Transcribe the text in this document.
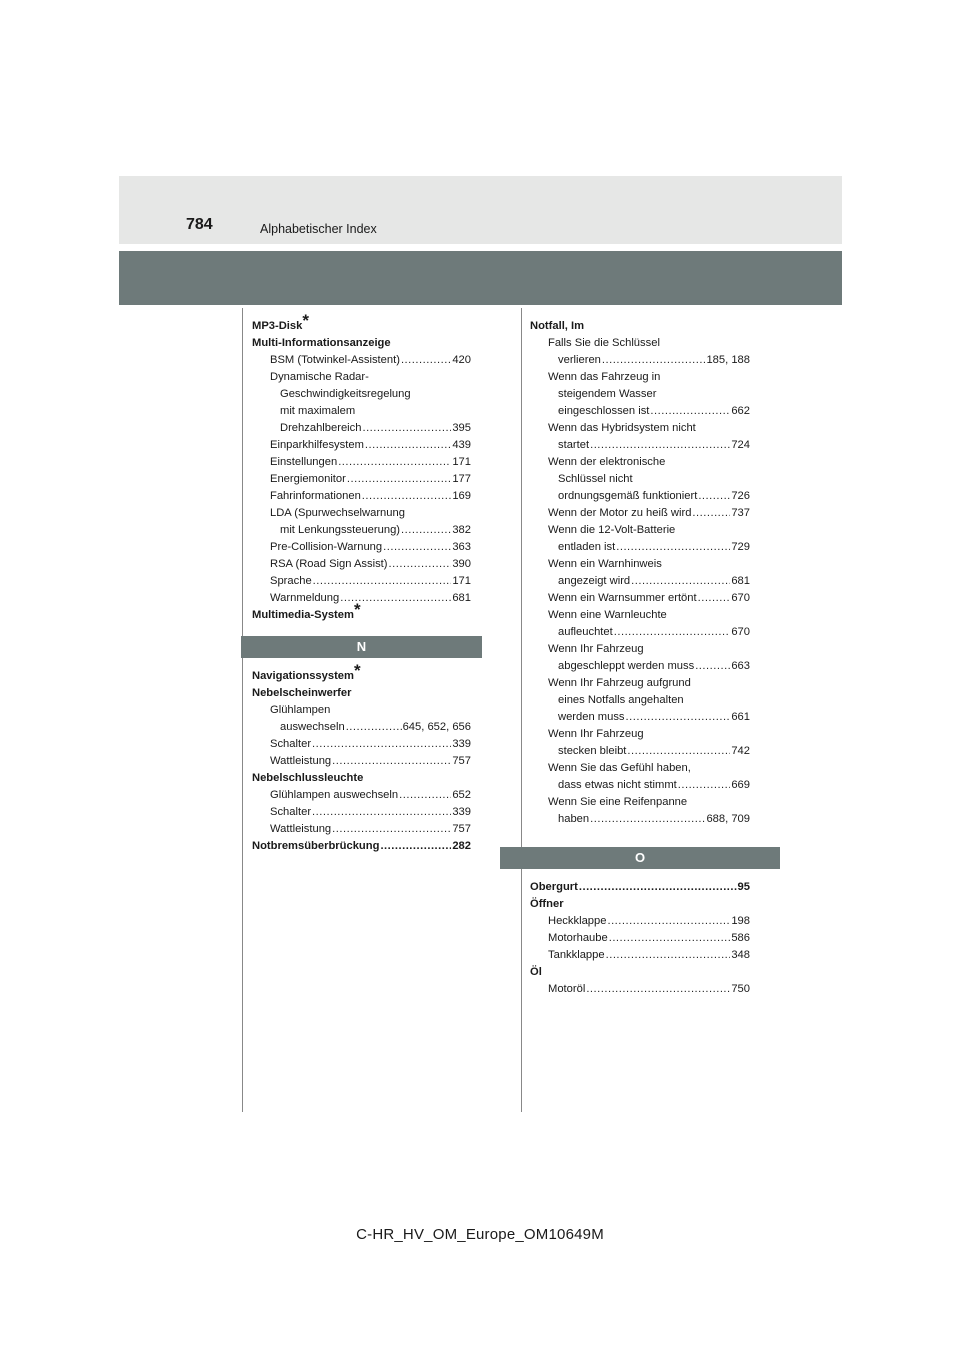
784	Alphabetischer Index
MP3-Disk*
Multi-Informationsanzeige
BSM (Totwinkel-Assistent) .....	420
Dynamische Radar-
Geschwindigkeitsregelung
mit maximalem
Drehzahlbereich .....	395
Einparkhilfesystem .....	439
Einstellungen .....	171
Energiemonitor .....	177
Fahrinformationen .....	169
LDA (Spurwechselwarnung
mit Lenkungssteuerung) .....	382
Pre-Collision-Warnung .....	363
RSA (Road Sign Assist) .....	390
Sprache .....	171
Warnmeldung .....	681
Multimedia-System*
N
Navigationssystem*
Nebelscheinwerfer
Glühlampen
auswechseln .....	645, 652, 656
Schalter .....	339
Wattleistung .....	757
Nebelschlussleuchte
Glühlampen auswechseln .....	652
Schalter .....	339
Wattleistung .....	757
Notbremsüberbrückung .....	282
Notfall, Im
Falls Sie die Schlüssel
verlieren .....	185, 188
Wenn das Fahrzeug in
steigendem Wasser
eingeschlossen ist .....	662
Wenn das Hybridsystem nicht
startet .....	724
Wenn der elektronische
Schlüssel nicht
ordnungsgemäß funktioniert .....	726
Wenn der Motor zu heiß wird .....	737
Wenn die 12-Volt-Batterie
entladen ist .....	729
Wenn ein Warnhinweis
angezeigt wird .....	681
Wenn ein Warnsummer ertönt .....	670
Wenn eine Warnleuchte
aufleuchtet .....	670
Wenn Ihr Fahrzeug
abgeschleppt werden muss .....	663
Wenn Ihr Fahrzeug aufgrund
eines Notfalls angehalten
werden muss .....	661
Wenn Ihr Fahrzeug
stecken bleibt .....	742
Wenn Sie das Gefühl haben,
dass etwas nicht stimmt .....	669
Wenn Sie eine Reifenpanne
haben .....	688, 709
O
Obergurt .....	95
Öffner
Heckklappe .....	198
Motorhaube .....	586
Tankklappe .....	348
Öl
Motoröl .....	750
C-HR_HV_OM_Europe_OM10649M
